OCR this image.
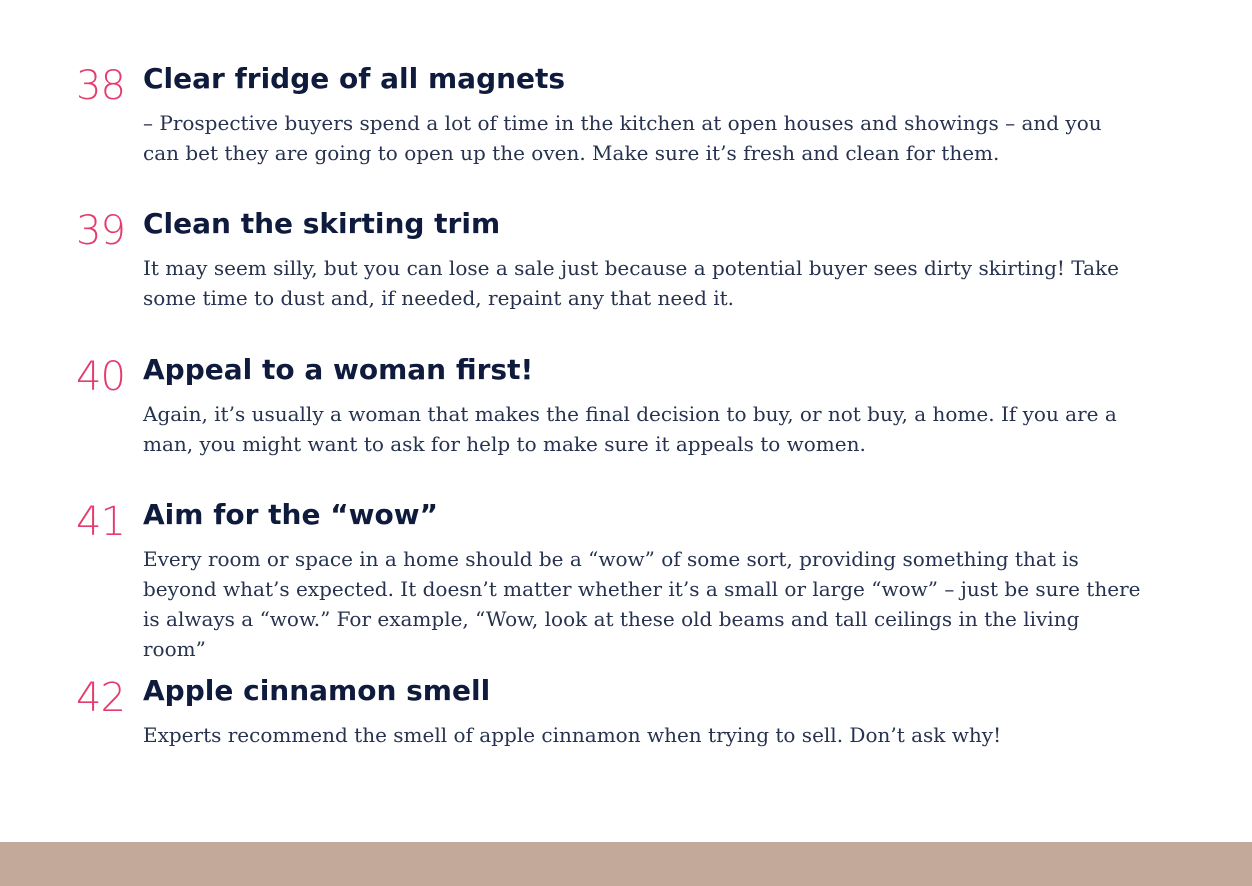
38 Clear fridge of all magnets

– Prospective buyers spend a lot of time in the kitchen at open houses and showings – and you can bet they are going to open up the oven. Make sure it’s fresh and clean for them.

39 Clean the skirting trim

It may seem silly, but you can lose a sale just because a potential buyer sees dirty skirting! Take some time to dust and, if needed, repaint any that need it.

40 Appeal to a woman first!

Again, it’s usually a woman that makes the final decision to buy, or not buy, a home. If you are a man, you might want to ask for help to make sure it appeals to women.

41 Aim for the “wow”

Every room or space in a home should be a “wow” of some sort, providing something that is beyond what’s expected. It doesn’t matter whether it’s a small or large “wow” – just be sure there is always a “wow.” For example, “Wow, look at these old beams and tall ceilings in the living room”

42 Apple cinnamon smell

Experts recommend the smell of apple cinnamon when trying to sell. Don’t ask why!
